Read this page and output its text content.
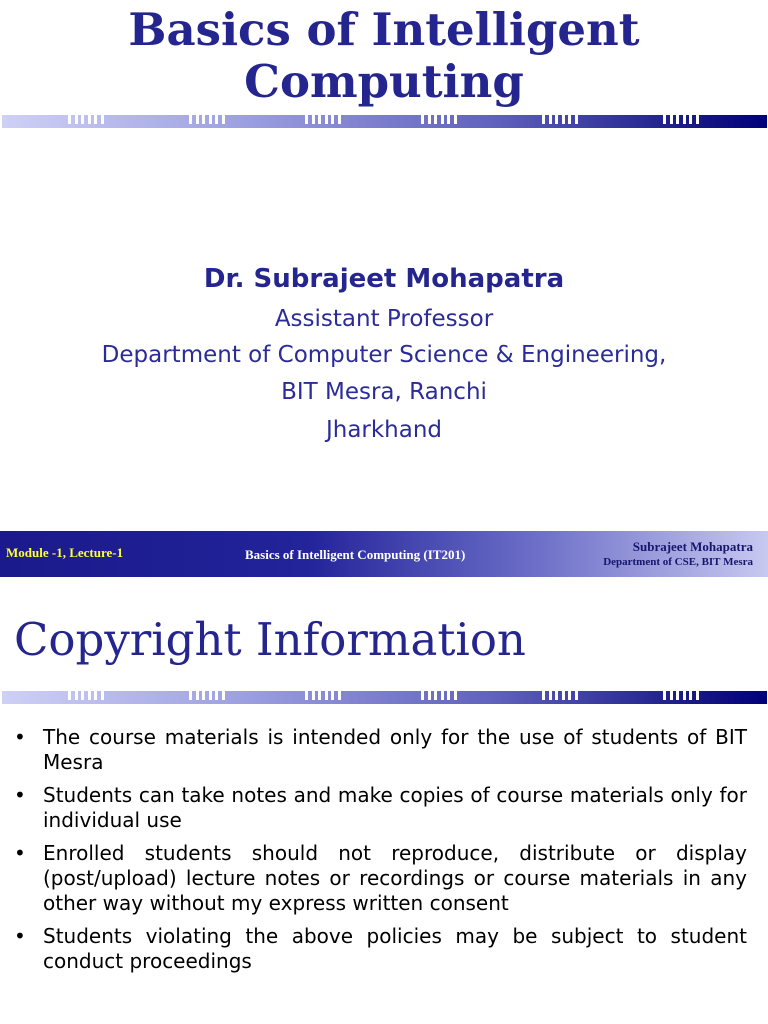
Basics of Intelligent Computing
Dr. Subrajeet Mohapatra
Assistant Professor
Department of Computer Science & Engineering,
BIT Mesra, Ranchi
Jharkhand
Module -1, Lecture-1	Basics of Intelligent Computing (IT201)
Subrajeet Mohapatra
Department of CSE, BIT Mesra
Copyright Information
• The course materials is intended only for the use of students of BIT Mesra
• Students can take notes and make copies of course materials only for individual use
• Enrolled students should not reproduce, distribute or display (post/upload) lecture notes or recordings or course materials in any other way without my express written consent
• Students violating the above policies may be subject to student conduct proceedings
